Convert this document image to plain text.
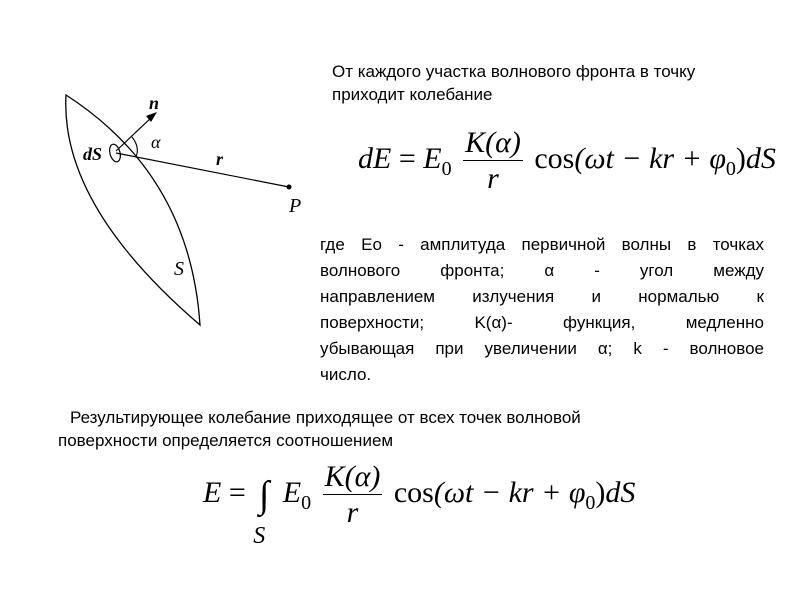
От каждого участка волнового фронта в точку
приходит колебание
n
α
dS	r
P
S
dE = $E_0 \frac{K(\alpha)}{r} \cos(\omega t$ − kr + $\varphi_0)dS$
где Eo - амплитуда первичной волны в точках
волнового фронта; α - угол между
направлением излучения и нормалью к
поверхности; K(α)- функция, медленно
убывающая при увеличении α; k - волновое
число.
Результирующее колебание приходящее от всех точек волновой
поверхности определяется соотношением
E = ∫
S
$E_0 \frac{K(\alpha)}{r} \cos(\omega t$ − kr + $\varphi_0)dS$
